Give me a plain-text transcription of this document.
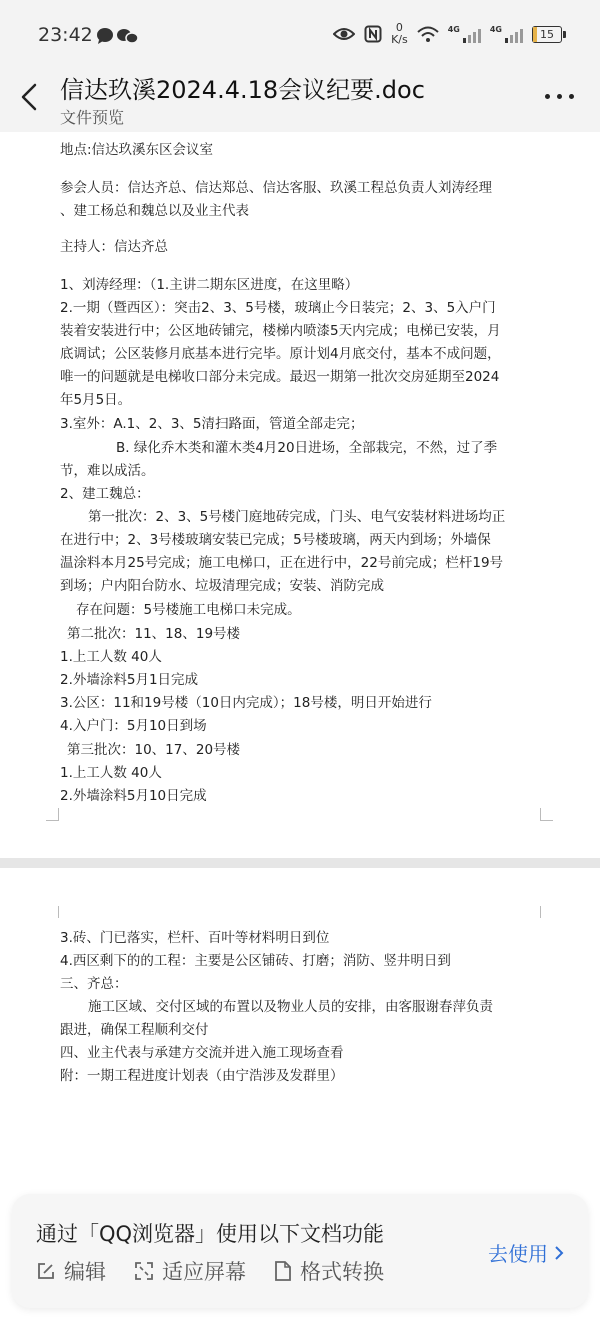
23:42	0
K/s
4G	4G	15
信达玖溪2024.4.18会议纪要.doc
文件预览
地点:信达玖溪东区会议室
参会人员：信达齐总、信达郑总、信达客服、玖溪工程总负责人刘涛经理
、建工杨总和魏总以及业主代表
主持人：信达齐总
1、刘涛经理：（1.主讲二期东区进度，在这里略）
2.一期（暨西区）：突击2、3、5号楼，玻璃止今日装完；2、3、5入户门
装着安装进行中；公区地砖铺完，楼梯内喷漆5天内完成；电梯已安装，月
底调试；公区装修月底基本进行完毕。原计划4月底交付，基本不成问题，
唯一的问题就是电梯收口部分未完成。最迟一期第一批次交房延期至2024
年5月5日。
3.室外：A.1、2、3、5清扫路面，管道全部走完；
B. 绿化乔木类和灌木类4月20日进场，全部栽完，不然，过了季
节，难以成活。
2、建工魏总：
第一批次：2、3、5号楼门庭地砖完成，门头、电气安装材料进场均正
在进行中；2、3号楼玻璃安装已完成；5号楼玻璃，两天内到场；外墙保
温涂料本月25号完成；施工电梯口，正在进行中，22号前完成；栏杆19号
到场；户内阳台防水、垃圾清理完成；安装、消防完成
存在问题：5号楼施工电梯口未完成。
第二批次：11、18、19号楼
1.上工人数 40人
2.外墙涂料5月1日完成
3.公区：11和19号楼（10日内完成）；18号楼，明日开始进行
4.入户门：5月10日到场
第三批次：10、17、20号楼
1.上工人数 40人
2.外墙涂料5月10日完成
3.砖、门已落实，栏杆、百叶等材料明日到位
4.西区剩下的的工程：主要是公区铺砖、打磨；消防、竖井明日到
三、齐总：
施工区域、交付区域的布置以及物业人员的安排，由客服谢春萍负责
跟进，确保工程顺利交付
四、业主代表与承建方交流并进入施工现场查看
附：一期工程进度计划表（由宁浩涉及发群里）
通过「QQ浏览器」使用以下文档功能
编辑	适应屏幕	格式转换
去使用
